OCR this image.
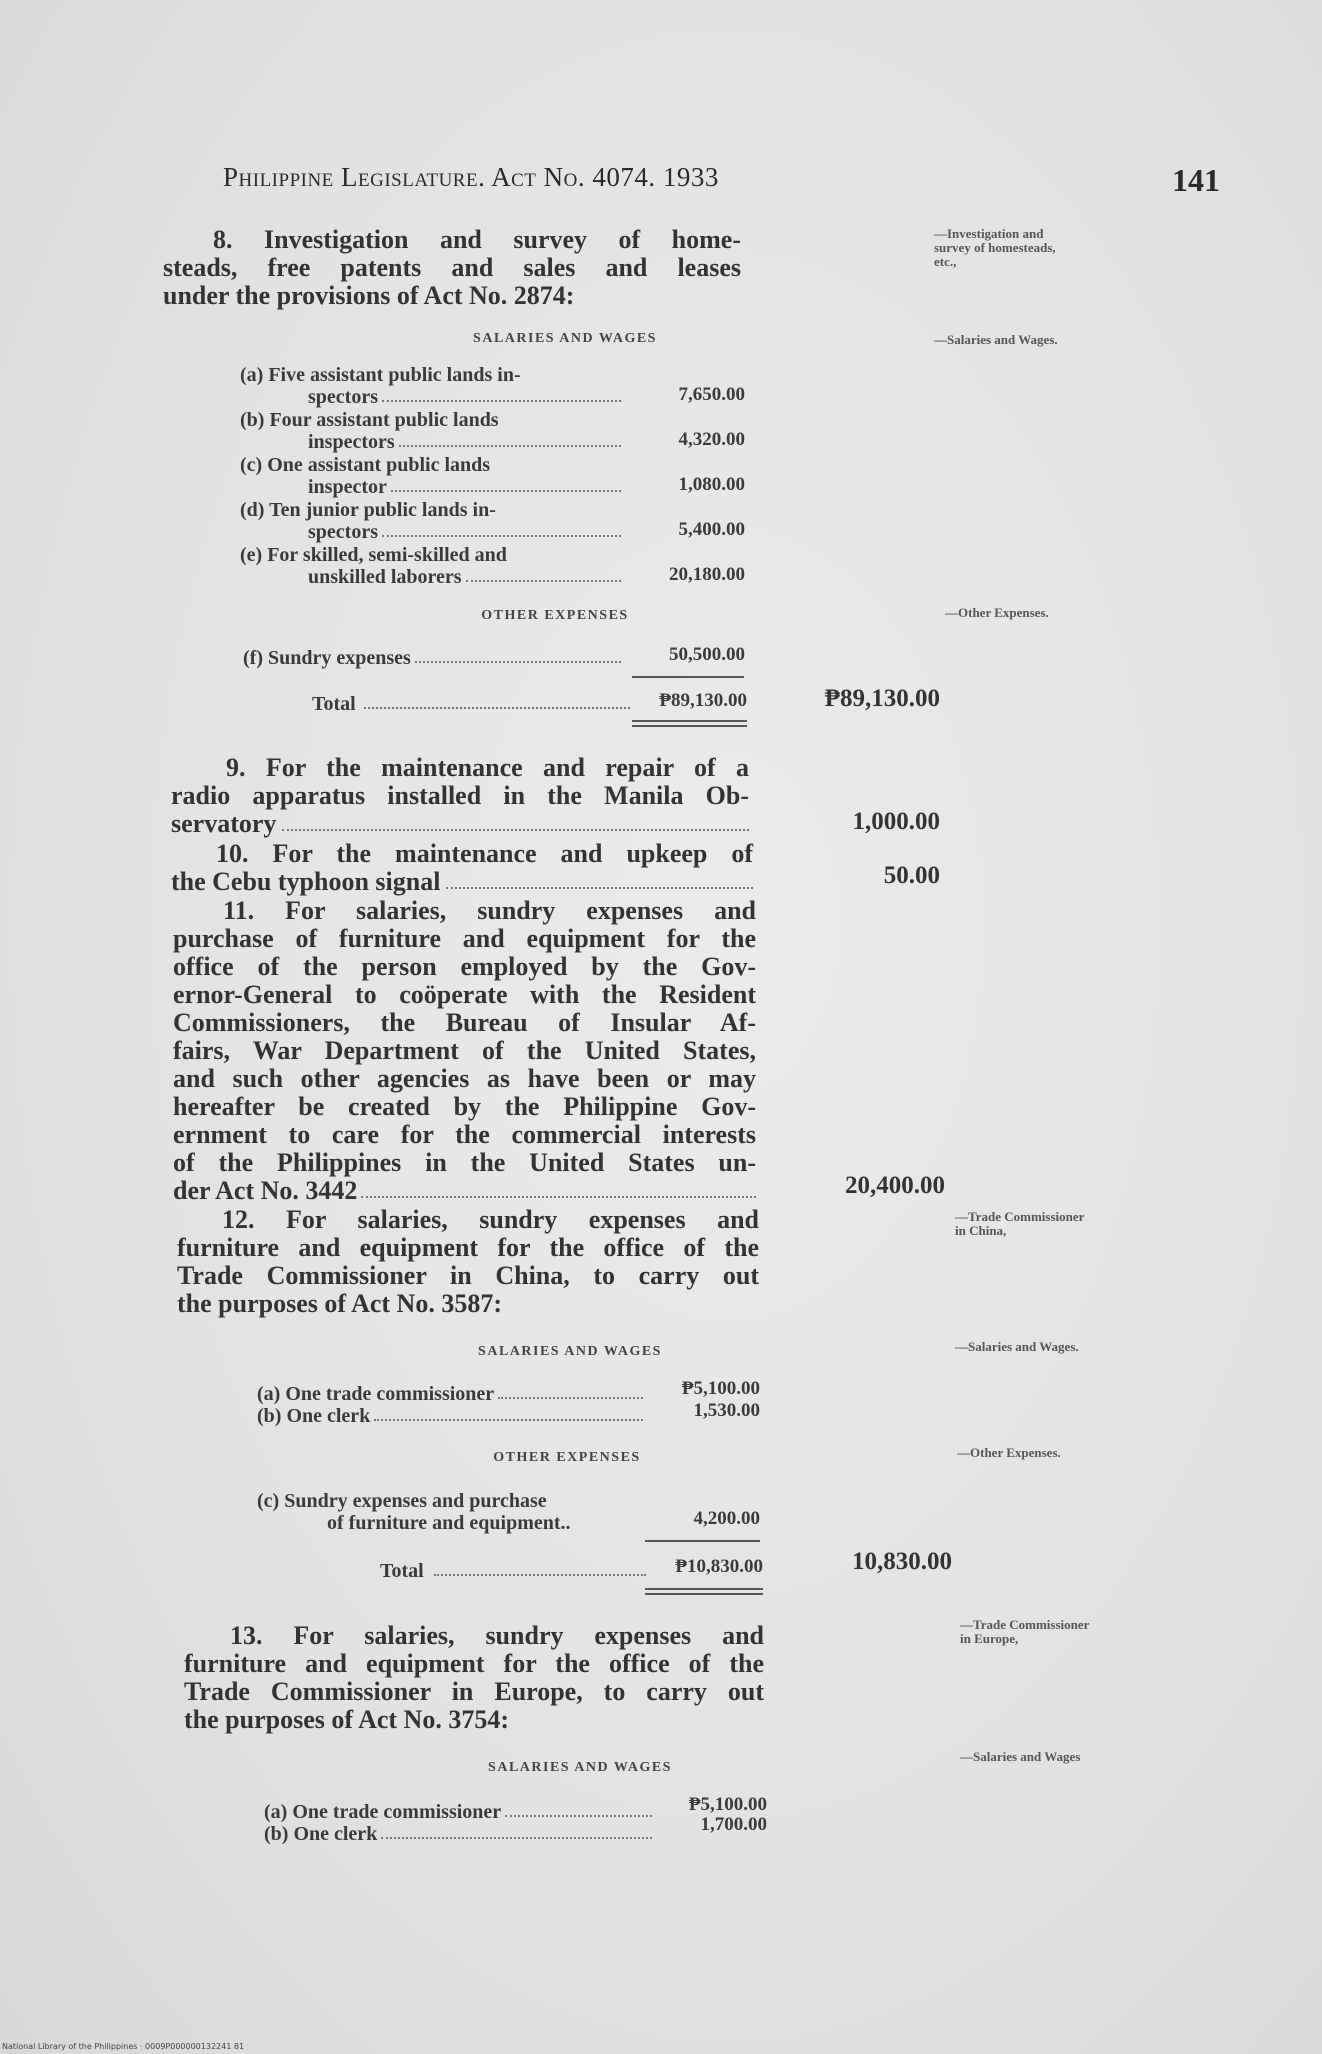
Philippine Legislature. Act No. 4074. 1933	141

8. Investigation and survey of home-

steads, free patents and sales and leases

under the provisions of Act No. 2874:

—Investigation and
survey of homesteads,
etc.,
SALARIES AND WAGES	—Salaries and Wages.
(a) Five assistant public lands in-
spectors	7,650.00
(b) Four assistant public lands
inspectors	4,320.00
(c) One assistant public lands
inspector	1,080.00
(d) Ten junior public lands in-
spectors	5,400.00
(e) For skilled, semi-skilled and
unskilled laborers	20,180.00
OTHER EXPENSES	—Other Expenses.
(f) Sundry expenses	50,500.00
Total	₱89,130.00	₱89,130.00

9. For the maintenance and repair of a

radio apparatus installed in the Manila Ob-

servatory	1,000.00

10. For the maintenance and upkeep of

the Cebu typhoon signal	50.00

11. For salaries, sundry expenses and

purchase of furniture and equipment for the

office of the person employed by the Gov-

ernor-General to coöperate with the Resident

Commissioners, the Bureau of Insular Af-

fairs, War Department of the United States,

and such other agencies as have been or may

hereafter be created by the Philippine Gov-

ernment to care for the commercial interests

of the Philippines in the United States un-

der Act No. 3442	20,400.00

12. For salaries, sundry expenses and

furniture and equipment for the office of the

Trade Commissioner in China, to carry out

the purposes of Act No. 3587:

—Trade Commissioner
in China,
SALARIES AND WAGES	—Salaries and Wages.
(a) One trade commissioner	₱5,100.00
(b) One clerk	1,530.00
OTHER EXPENSES	—Other Expenses.
(c) Sundry expenses and purchase
of furniture and equipment..	4,200.00
Total	₱10,830.00	10,830.00

13. For salaries, sundry expenses and

furniture and equipment for the office of the

Trade Commissioner in Europe, to carry out

the purposes of Act No. 3754:

—Trade Commissioner
in Europe,
SALARIES AND WAGES
—Salaries and Wages
(a) One trade commissioner	₱5,100.00
(b) One clerk	1,700.00
National Library of the Philippines · 0009P000000132241 81
